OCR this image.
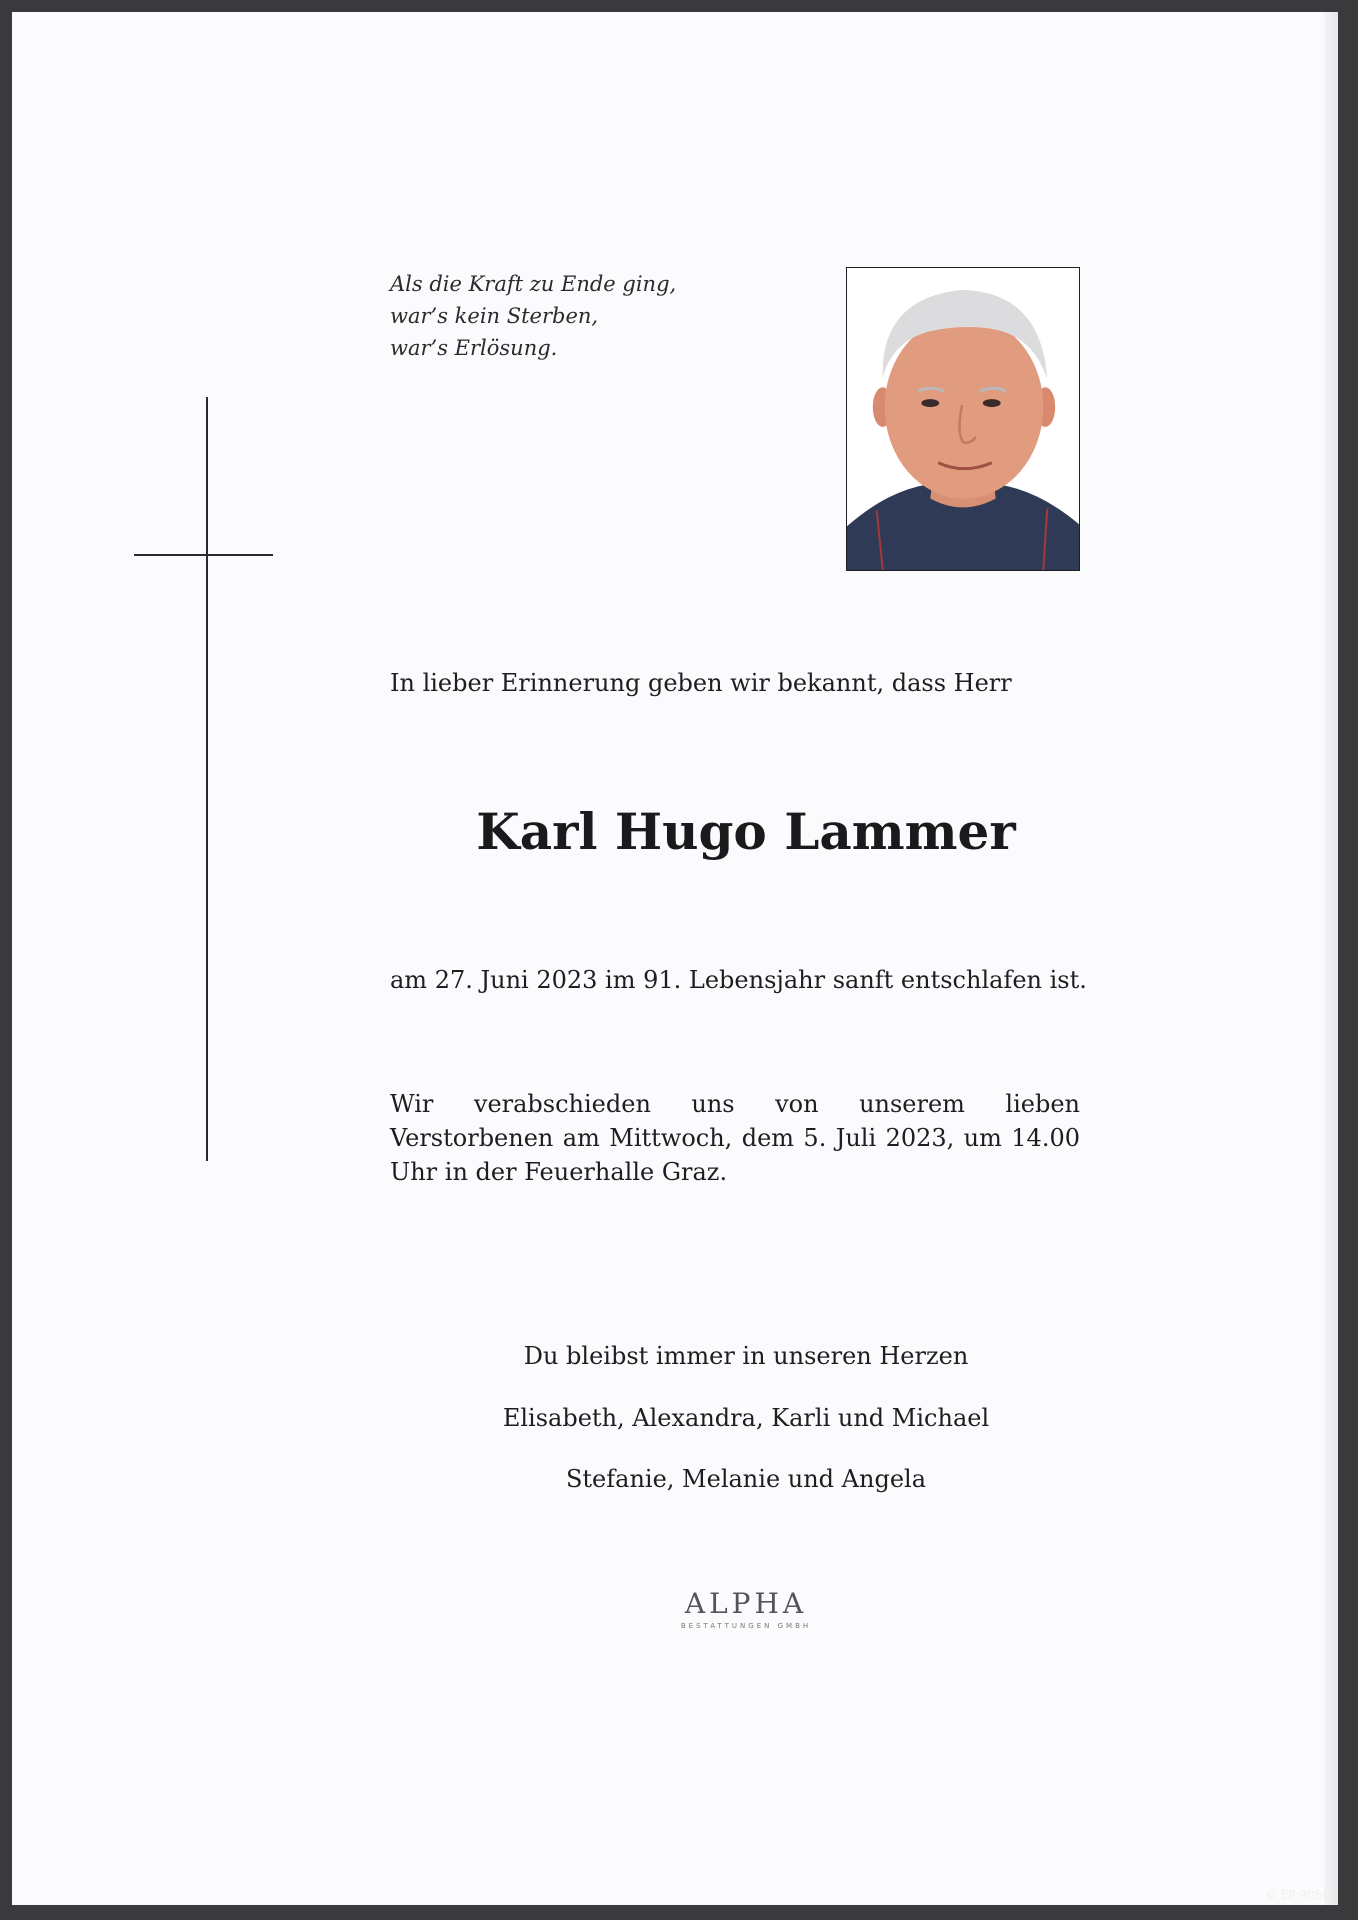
Als die Kraft zu Ende ging,
war’s kein Sterben,
war’s Erlösung.

In lieber Erinnerung geben wir bekannt, dass Herr

Karl Hugo Lammer

am 27. Juni 2023 im 91. Lebensjahr sanft entschlafen ist.

Wir verabschieden uns von unserem lieben Verstorbenen am Mittwoch, dem 5. Juli 2023, um 14.00 Uhr in der Feuerhalle Graz.

Du bleibst immer in unseren Herzen

Elisabeth, Alexandra, Karli und Michael

Stefanie, Melanie und Angela

ALPHA
BESTATTUNGEN GMBH

© EP 9050
